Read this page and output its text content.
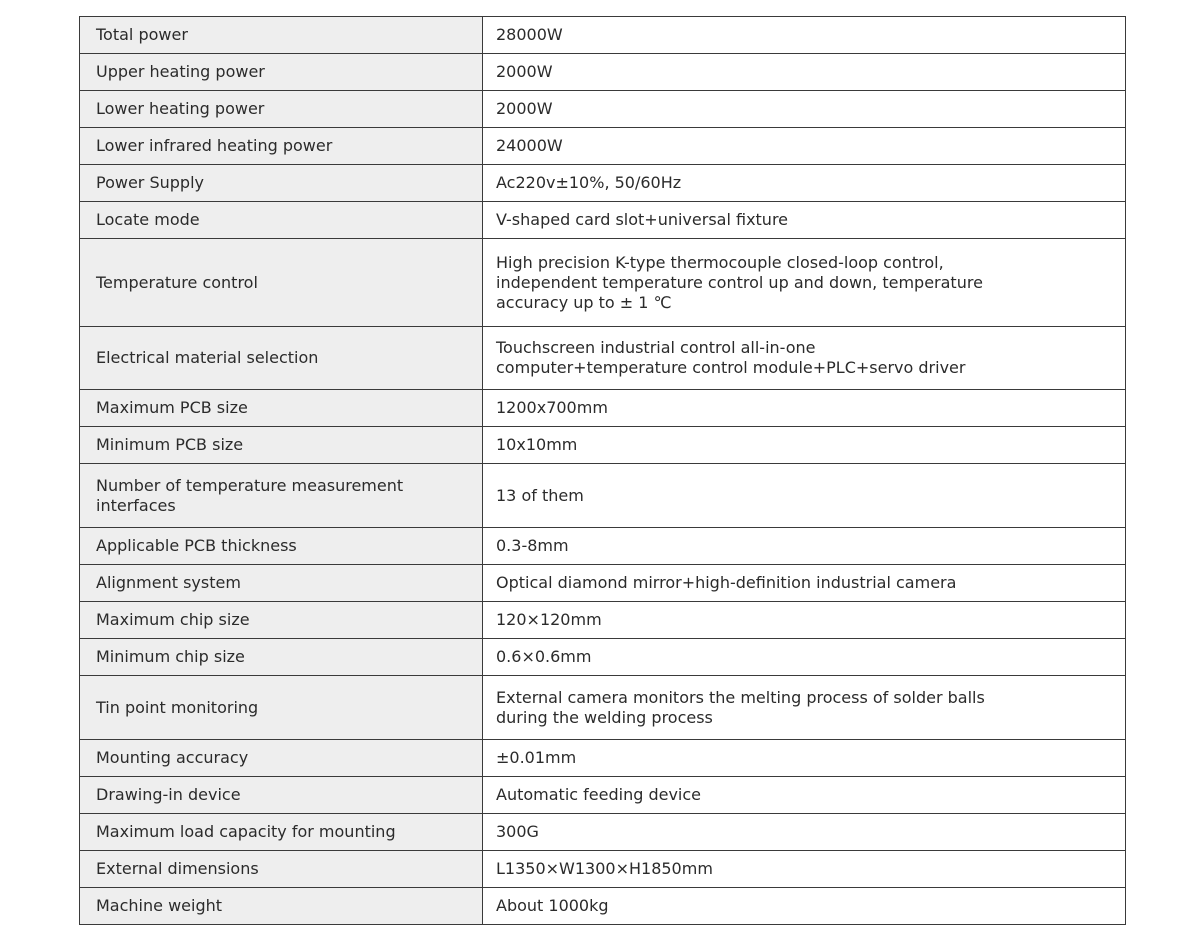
Total power	28000W
Upper heating power	2000W
Lower heating power	2000W
Lower infrared heating power	24000W
Power Supply	Ac220v±10%, 50/60Hz
Locate mode	V-shaped card slot+universal fixture
Temperature control	High precision K-type thermocouple closed-loop control, independent temperature control up and down, temperature accuracy up to ± 1 ℃
Electrical material selection	Touchscreen industrial control all-in-one computer+temperature control module+PLC+servo driver
Maximum PCB size	1200x700mm
Minimum PCB size	10x10mm
Number of temperature measurement interfaces	13 of them
Applicable PCB thickness	0.3-8mm
Alignment system	Optical diamond mirror+high-definition industrial camera
Maximum chip size	120×120mm
Minimum chip size	0.6×0.6mm
Tin point monitoring	External camera monitors the melting process of solder balls during the welding process
Mounting accuracy	±0.01mm
Drawing-in device	Automatic feeding device
Maximum load capacity for mounting	300G
External dimensions	L1350×W1300×H1850mm
Machine weight	About 1000kg
